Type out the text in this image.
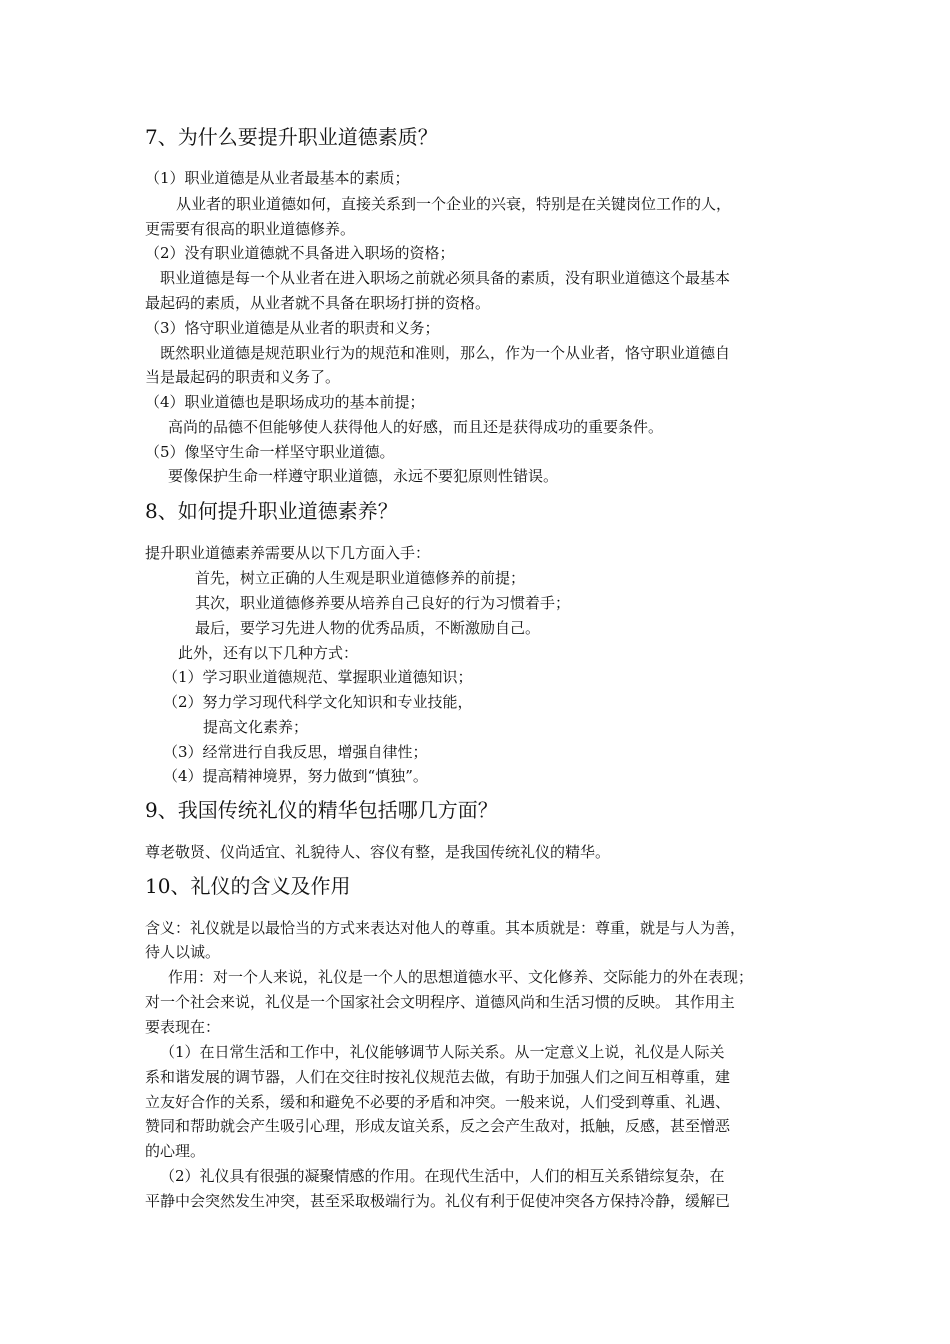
7、为什么要提升职业道德素质？
（1）职业道德是从业者最基本的素质；
从业者的职业道德如何，直接关系到一个企业的兴衰，特别是在关键岗位工作的人，
更需要有很高的职业道德修养。
（2）没有职业道德就不具备进入职场的资格；
职业道德是每一个从业者在进入职场之前就必须具备的素质，没有职业道德这个最基本
最起码的素质，从业者就不具备在职场打拼的资格。
（3）恪守职业道德是从业者的职责和义务；
既然职业道德是规范职业行为的规范和准则，那么，作为一个从业者，恪守职业道德自
当是最起码的职责和义务了。
（4）职业道德也是职场成功的基本前提；
高尚的品德不但能够使人获得他人的好感，而且还是获得成功的重要条件。
（5）像坚守生命一样坚守职业道德。
要像保护生命一样遵守职业道德，永远不要犯原则性错误。
8、如何提升职业道德素养？
提升职业道德素养需要从以下几方面入手：
首先，树立正确的人生观是职业道德修养的前提；
其次，职业道德修养要从培养自己良好的行为习惯着手；
最后，要学习先进人物的优秀品质，不断激励自己。
此外，还有以下几种方式：
（1）学习职业道德规范、掌握职业道德知识；
（2）努力学习现代科学文化知识和专业技能，
提高文化素养；
（3）经常进行自我反思，增强自律性；
（4）提高精神境界，努力做到“慎独”。
9、我国传统礼仪的精华包括哪几方面？
尊老敬贤、仪尚适宜、礼貌待人、容仪有整，是我国传统礼仪的精华。
10、礼仪的含义及作用
含义：礼仪就是以最恰当的方式来表达对他人的尊重。其本质就是：尊重，就是与人为善，
待人以诚。
作用：对一个人来说，礼仪是一个人的思想道德水平、文化修养、交际能力的外在表现；
对一个社会来说，礼仪是一个国家社会文明程序、道德风尚和生活习惯的反映。 其作用主
要表现在：
（1）在日常生活和工作中，礼仪能够调节人际关系。从一定意义上说，礼仪是人际关
系和谐发展的调节器，人们在交往时按礼仪规范去做，有助于加强人们之间互相尊重，建
立友好合作的关系，缓和和避免不必要的矛盾和冲突。一般来说，人们受到尊重、礼遇、
赞同和帮助就会产生吸引心理，形成友谊关系，反之会产生敌对，抵触，反感，甚至憎恶
的心理。
（2）礼仪具有很强的凝聚情感的作用。在现代生活中，人们的相互关系错综复杂，在
平静中会突然发生冲突，甚至采取极端行为。礼仪有利于促使冲突各方保持冷静，缓解已
